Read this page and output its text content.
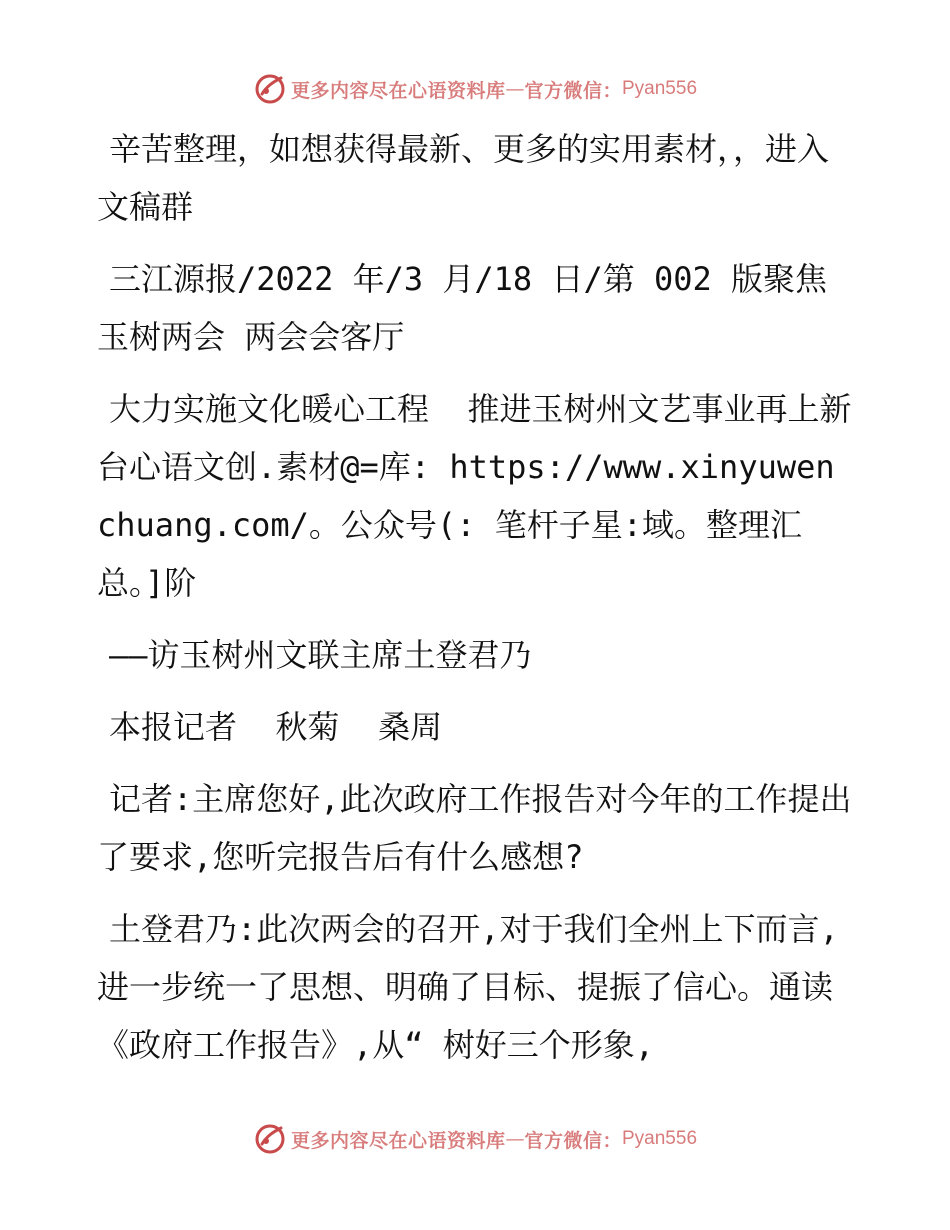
更多内容尽在心语资料库 — 官方微信： Pyan556

辛苦整理，如想获得最新、更多的实用素材，，进入文稿群

三江源报/2022 年/3 月/18 日/第 002 版聚焦玉树两会 两会会客厅

大力实施文化暖心工程  推进玉树州文艺事业再上新台心语文创.素材@=库: https://www.xinyuwenchuang.com/。公众号(: 笔杆子星:域。整理汇总。]阶

——访玉树州文联主席土登君乃

本报记者  秋菊  桑周

记者:主席您好,此次政府工作报告对今年的工作提出了要求,您听完报告后有什么感想?

土登君乃:此次两会的召开,对于我们全州上下而言,进一步统一了思想、明确了目标、提振了信心。通读《政府工作报告》,从“ 树好三个形象,

更多内容尽在心语资料库 — 官方微信： Pyan556
